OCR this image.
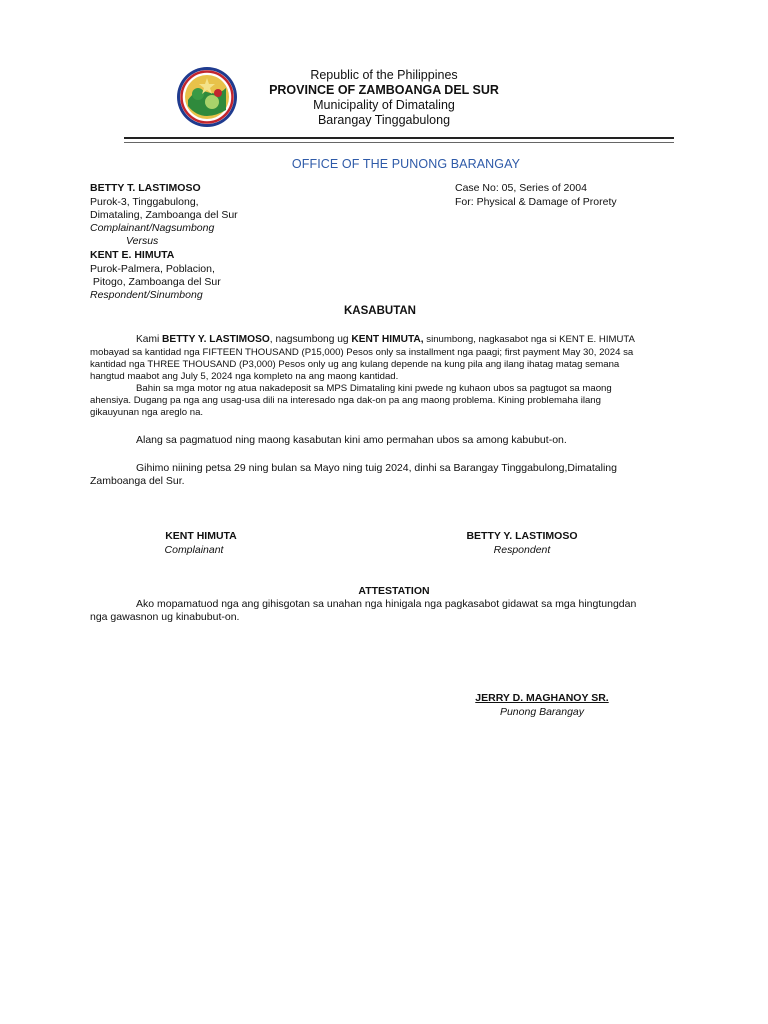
Republic of the Philippines
PROVINCE OF ZAMBOANGA DEL SUR
Municipality of Dimataling
Barangay Tinggabulong
OFFICE OF THE PUNONG BARANGAY
BETTY T. LASTIMOSO
Purok-3, Tinggabulong,
Dimataling, Zamboanga del Sur
Complainant/Nagsumbong
Versus
KENT E. HIMUTA
Purok-Palmera, Poblacion,
Pitogo, Zamboanga del Sur
Respondent/Sinumbong
Case No: 05, Series of 2004
For: Physical & Damage of Prorety
KASABUTAN
Kami BETTY Y. LASTIMOSO, nagsumbong ug KENT HIMUTA, sinumbong, nagkasabot nga si KENT E. HIMUTA
mobayad sa kantidad nga FIFTEEN THOUSAND (P15,000) Pesos only sa installment nga paagi; first payment May 30, 2024 sa
kantidad nga THREE THOUSAND (P3,000) Pesos only ug ang kulang depende na kung pila ang ilang ihatag matag semana
hangtud maabot ang July 5, 2024 nga kompleto na ang maong kantidad.
Bahin sa mga motor ng atua nakadeposit sa MPS Dimataling kini pwede ng kuhaon ubos sa pagtugot sa maong
ahensiya. Dugang pa nga ang usag-usa dili na interesado nga dak-on pa ang maong problema. Kining problemaha ilang
gikauyunan nga areglo na.
Alang sa pagmatuod ning maong kasabutan kini amo permahan ubos sa among kabubut-on.
Gihimo niining petsa 29 ning bulan sa Mayo ning tuig 2024, dinhi sa Barangay Tinggabulong,Dimataling
Zamboanga del Sur.
KENT HIMUTA
Complainant
BETTY Y. LASTIMOSO
Respondent
ATTESTATION
Ako mopamatuod nga ang gihisgotan sa unahan nga hinigala nga pagkasabot gidawat sa mga hingtungdan
nga gawasnon ug kinabubut-on.
JERRY D. MAGHANOY SR.
Punong Barangay
